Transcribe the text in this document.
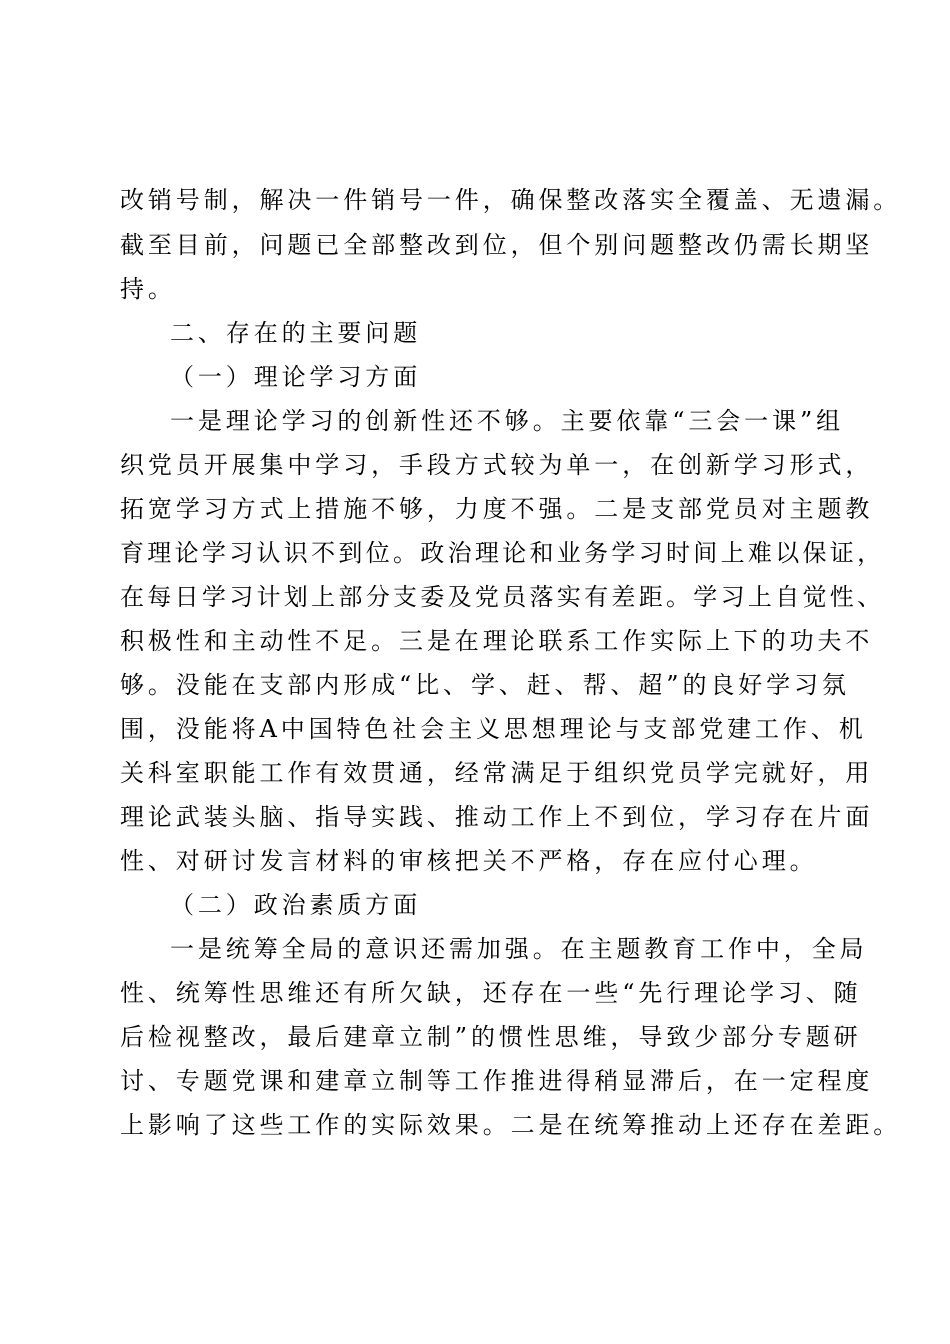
改销号制，解决一件销号一件，确保整改落实全覆盖、无遗漏。
截至目前，问题已全部整改到位，但个别问题整改仍需长期坚
持。
二、存在的主要问题
（一）理论学习方面
一是理论学习的创新性还不够。主要依靠“三会一课”组
织党员开展集中学习，手段方式较为单一，在创新学习形式，
拓宽学习方式上措施不够，力度不强。二是支部党员对主题教
育理论学习认识不到位。政治理论和业务学习时间上难以保证，
在每日学习计划上部分支委及党员落实有差距。学习上自觉性、
积极性和主动性不足。三是在理论联系工作实际上下的功夫不
够。没能在支部内形成“比、学、赶、帮、超”的良好学习氛
围，没能将A中国特色社会主义思想理论与支部党建工作、机
关科室职能工作有效贯通，经常满足于组织党员学完就好，用
理论武装头脑、指导实践、推动工作上不到位，学习存在片面
性、对研讨发言材料的审核把关不严格，存在应付心理。
（二）政治素质方面
一是统筹全局的意识还需加强。在主题教育工作中，全局
性、统筹性思维还有所欠缺，还存在一些“先行理论学习、随
后检视整改，最后建章立制”的惯性思维，导致少部分专题研
讨、专题党课和建章立制等工作推进得稍显滞后，在一定程度
上影响了这些工作的实际效果。二是在统筹推动上还存在差距。
